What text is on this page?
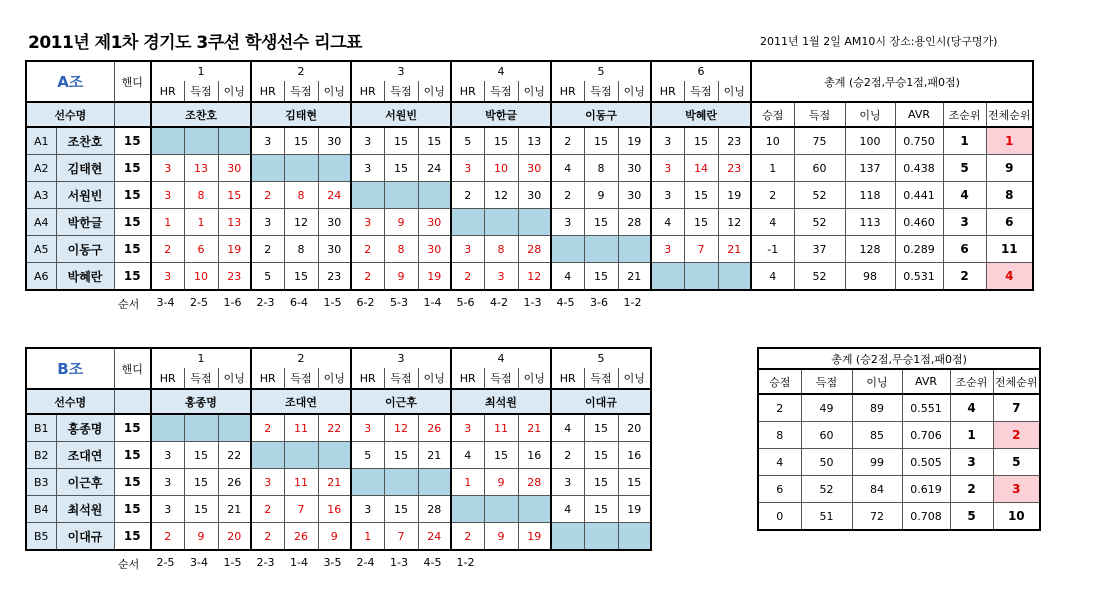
2011년 제1차 경기도 3쿠션 학생선수 리그표	2011년 1월 2일 AM10시 장소:용인시(당구명가)
A조		핸디	1			2			3			4			5			6			총계 (승2점,무승1점,패0점)					
			HR	득점	이닝	HR	득점	이닝	HR	득점	이닝	HR	득점	이닝	HR	득점	이닝	HR	득점	이닝						
선수명			조찬호			김태현			서원빈			박한글			이동구			박혜란			승점	득점	이닝	AVR	조순위	전체순위
A1	조찬호	15				3	15	30	3	15	15	5	15	13	2	15	19	3	15	23	10	75	100	0.750	1	1
A2	김태현	15	3	13	30				3	15	24	3	10	30	4	8	30	3	14	23	1	60	137	0.438	5	9
A3	서원빈	15	3	8	15	2	8	24				2	12	30	2	9	30	3	15	19	2	52	118	0.441	4	8
A4	박한글	15	1	1	13	3	12	30	3	9	30				3	15	28	4	15	12	4	52	113	0.460	3	6
A5	이동구	15	2	6	19	2	8	30	2	8	30	3	8	28				3	7	21	-1	37	128	0.289	6	11
A6	박혜란	15	3	10	23	5	15	23	2	9	19	2	3	12	4	15	21				4	52	98	0.531	2	4
순서 3-4 2-5 1-6 2-3 6-4 1-5 6-2 5-3 1-4 5-6 4-2 1-3 4-5 3-6 1-2
B조		핸디	1			2			3			4			5		
			HR	득점	이닝	HR	득점	이닝	HR	득점	이닝	HR	득점	이닝	HR	득점	이닝
선수명			홍종명			조대연			이근후			최석원			이대규		
B1	홍종명	15				2	11	22	3	12	26	3	11	21	4	15	20
B2	조대연	15	3	15	22				5	15	21	4	15	16	2	15	16
B3	이근후	15	3	15	26	3	11	21				1	9	28	3	15	15
B4	최석원	15	3	15	21	2	7	16	3	15	28				4	15	19
B5	이대규	15	2	9	20	2	26	9	1	7	24	2	9	19			
순서 2-5 3-4 1-5 2-3 1-4 3-5 2-4 1-3 4-5 1-2
총계 (승2점,무승1점,패0점)					

승점	득점	이닝	AVR	조순위	전체순위
2	49	89	0.551	4	7
8	60	85	0.706	1	2
4	50	99	0.505	3	5
6	52	84	0.619	2	3
0	51	72	0.708	5	10
